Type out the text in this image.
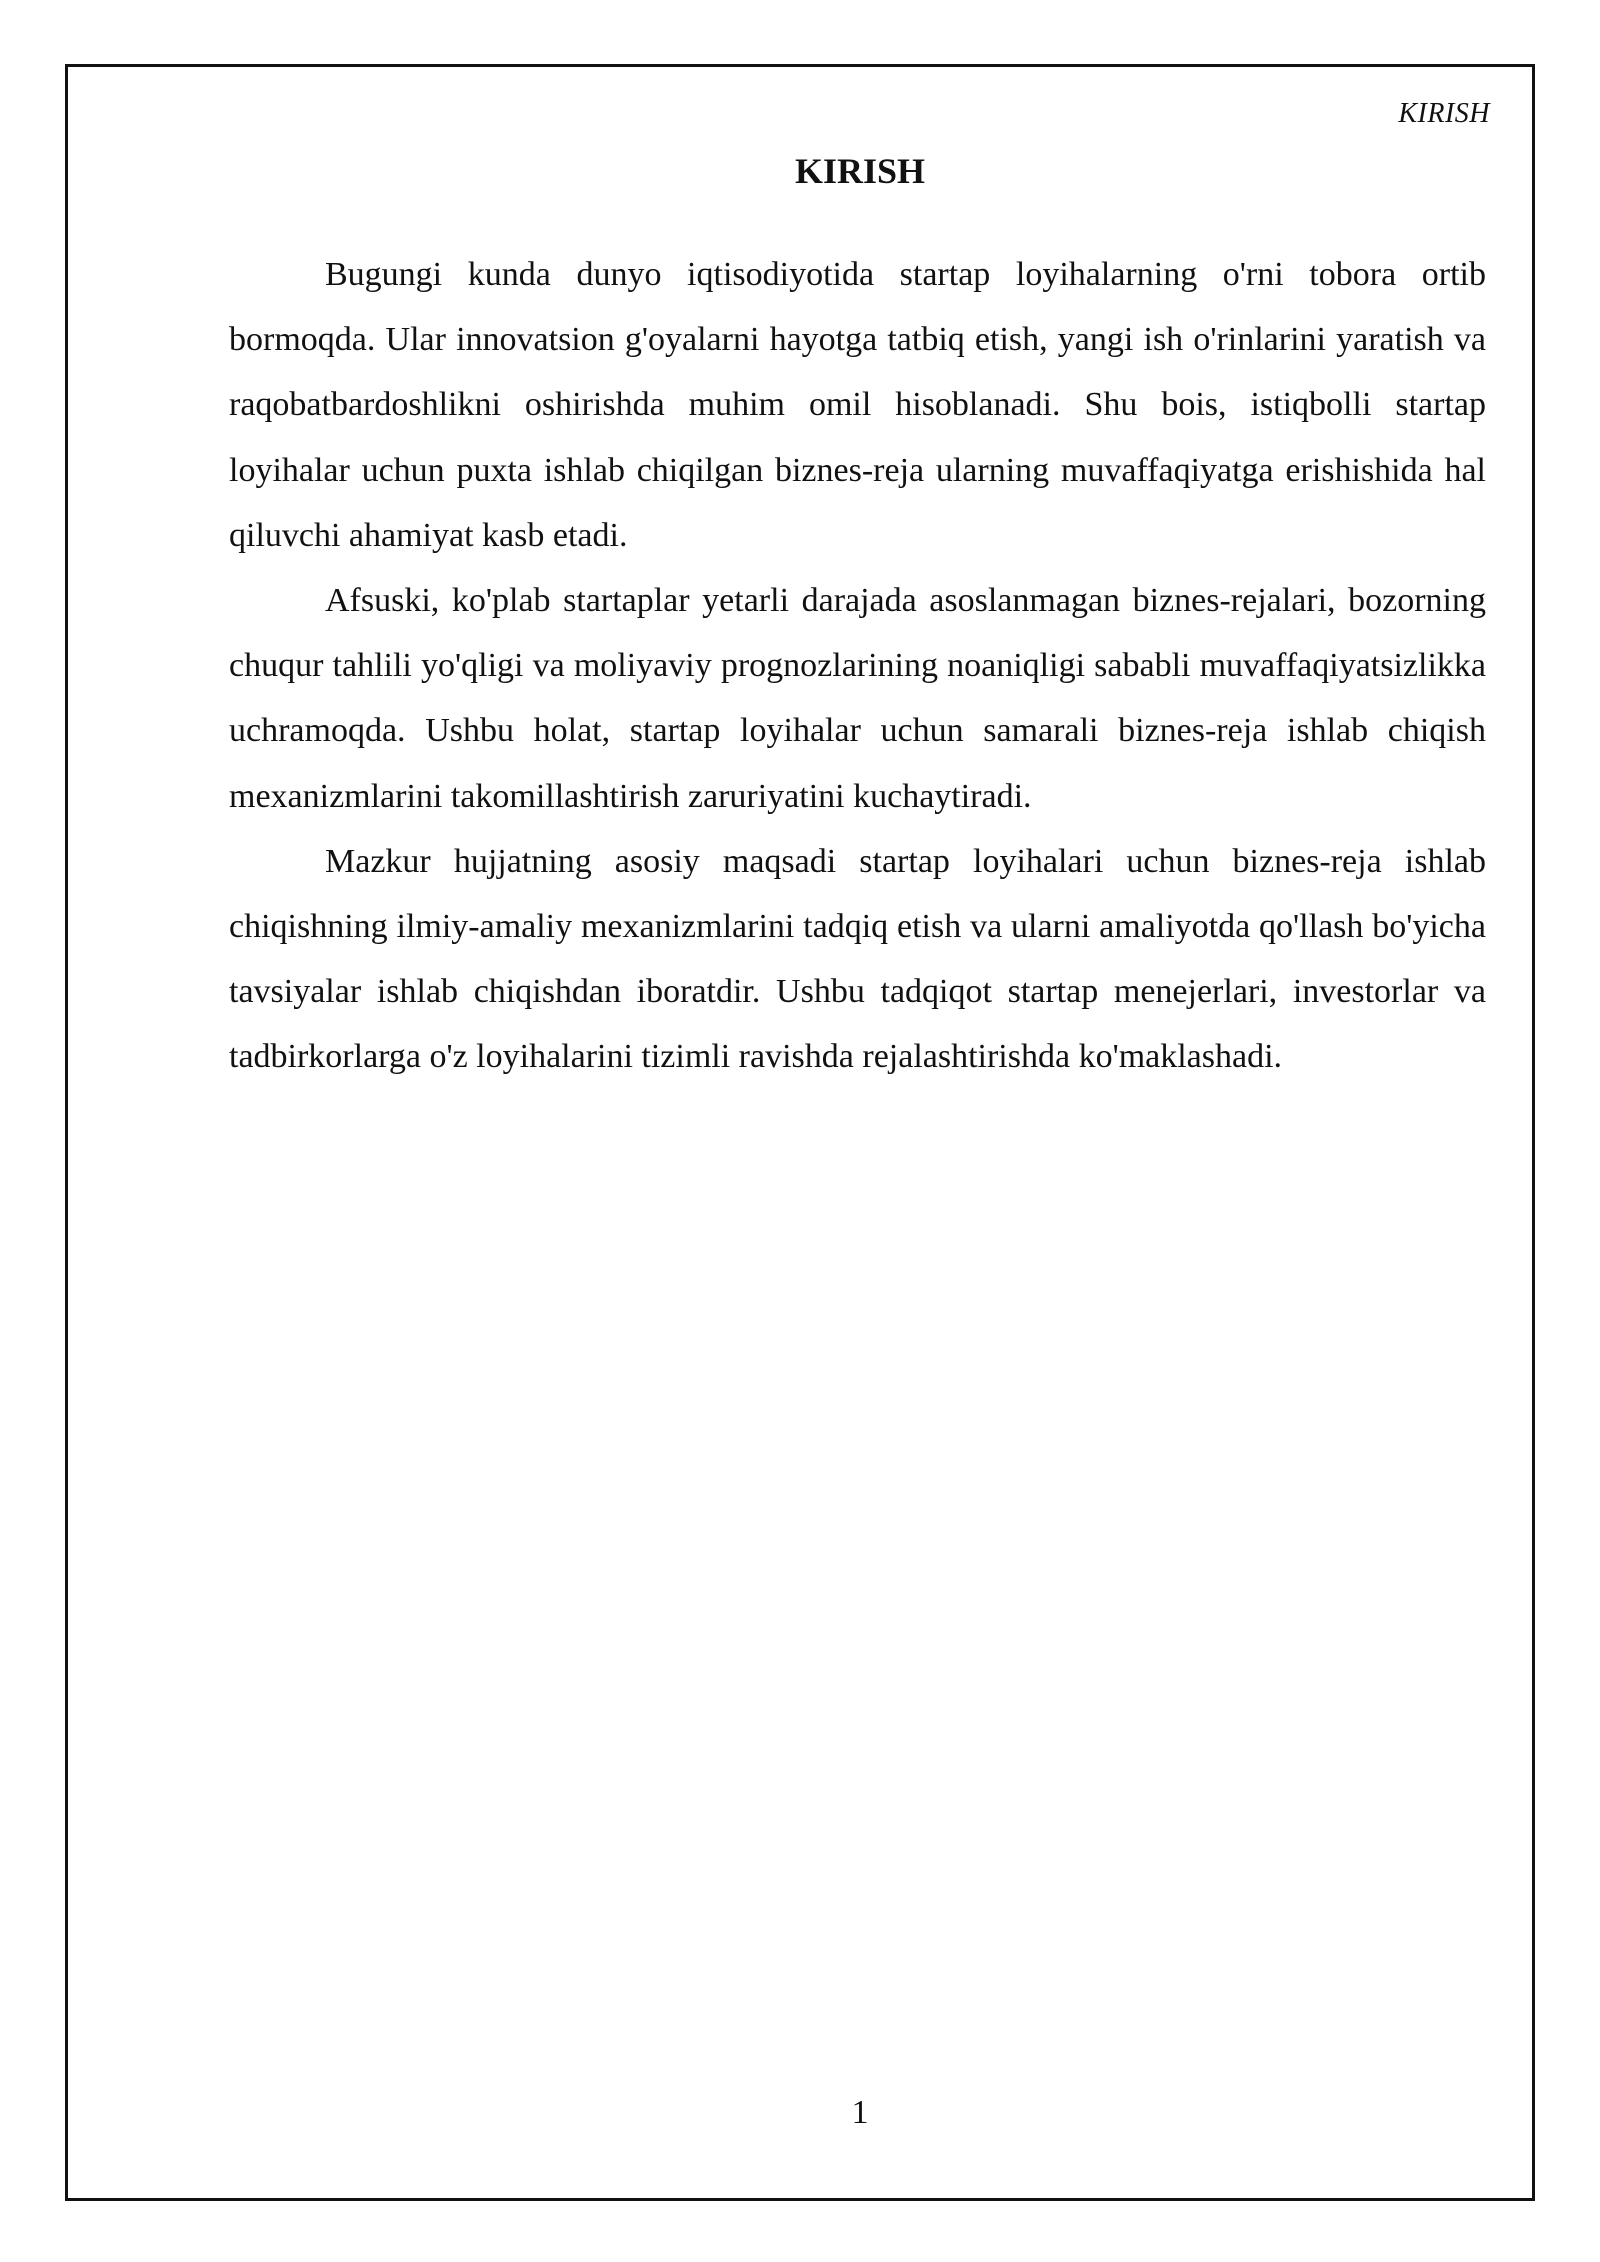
KIRISH
KIRISH

Bugungi kunda dunyo iqtisodiyotida startap loyihalarning o'rni tobora ortib bormoqda. Ular innovatsion g'oyalarni hayotga tatbiq etish, yangi ish o'rinlarini yaratish va raqobatbardoshlikni oshirishda muhim omil hisoblanadi. Shu bois, istiqbolli startap loyihalar uchun puxta ishlab chiqilgan biznes-reja ularning muvaffaqiyatga erishishida hal qiluvchi ahamiyat kasb etadi.

Afsuski, ko'plab startaplar yetarli darajada asoslanmagan biznes-rejalari, bozorning chuqur tahlili yo'qligi va moliyaviy prognozlarining noaniqligi sababli muvaffaqiyatsizlikka uchramoqda. Ushbu holat, startap loyihalar uchun samarali biznes-reja ishlab chiqish mexanizmlarini takomillashtirish zaruriyatini kuchaytiradi.

Mazkur hujjatning asosiy maqsadi startap loyihalari uchun biznes-reja ishlab chiqishning ilmiy-amaliy mexanizmlarini tadqiq etish va ularni amaliyotda qo'llash bo'yicha tavsiyalar ishlab chiqishdan iboratdir. Ushbu tadqiqot startap menejerlari, investorlar va tadbirkorlarga o'z loyihalarini tizimli ravishda rejalashtirishda ko'maklashadi.

1
